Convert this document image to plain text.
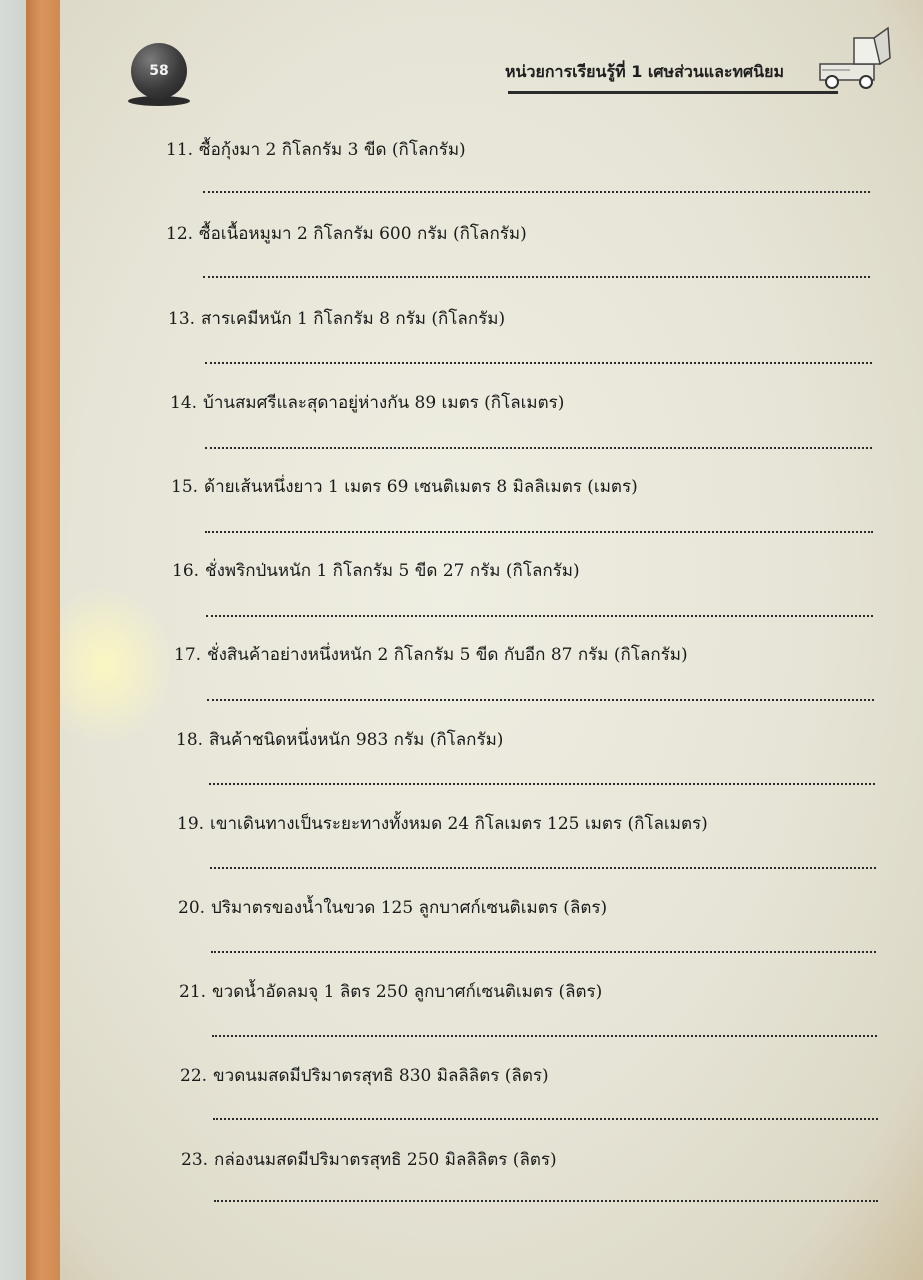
58	หน่วยการเรียนรู้ที่ 1 เศษส่วนและทศนิยม
11. ซื้อกุ้งมา 2 กิโลกรัม 3 ขีด (กิโลกรัม)
12. ซื้อเนื้อหมูมา 2 กิโลกรัม 600 กรัม (กิโลกรัม)
13. สารเคมีหนัก 1 กิโลกรัม 8 กรัม (กิโลกรัม)
14. บ้านสมศรีและสุดาอยู่ห่างกัน 89 เมตร (กิโลเมตร)
15. ด้ายเส้นหนึ่งยาว 1 เมตร 69 เซนติเมตร 8 มิลลิเมตร (เมตร)
16. ชั่งพริกป่นหนัก 1 กิโลกรัม 5 ขีด 27 กรัม (กิโลกรัม)
17. ชั่งสินค้าอย่างหนึ่งหนัก 2 กิโลกรัม 5 ขีด กับอีก 87 กรัม (กิโลกรัม)
18. สินค้าชนิดหนึ่งหนัก 983 กรัม (กิโลกรัม)
19. เขาเดินทางเป็นระยะทางทั้งหมด 24 กิโลเมตร 125 เมตร (กิโลเมตร)
20. ปริมาตรของน้ำในขวด 125 ลูกบาศก์เซนติเมตร (ลิตร)
21. ขวดน้ำอัดลมจุ 1 ลิตร 250 ลูกบาศก์เซนติเมตร (ลิตร)
22. ขวดนมสดมีปริมาตรสุทธิ 830 มิลลิลิตร (ลิตร)
23. กล่องนมสดมีปริมาตรสุทธิ 250 มิลลิลิตร (ลิตร)
